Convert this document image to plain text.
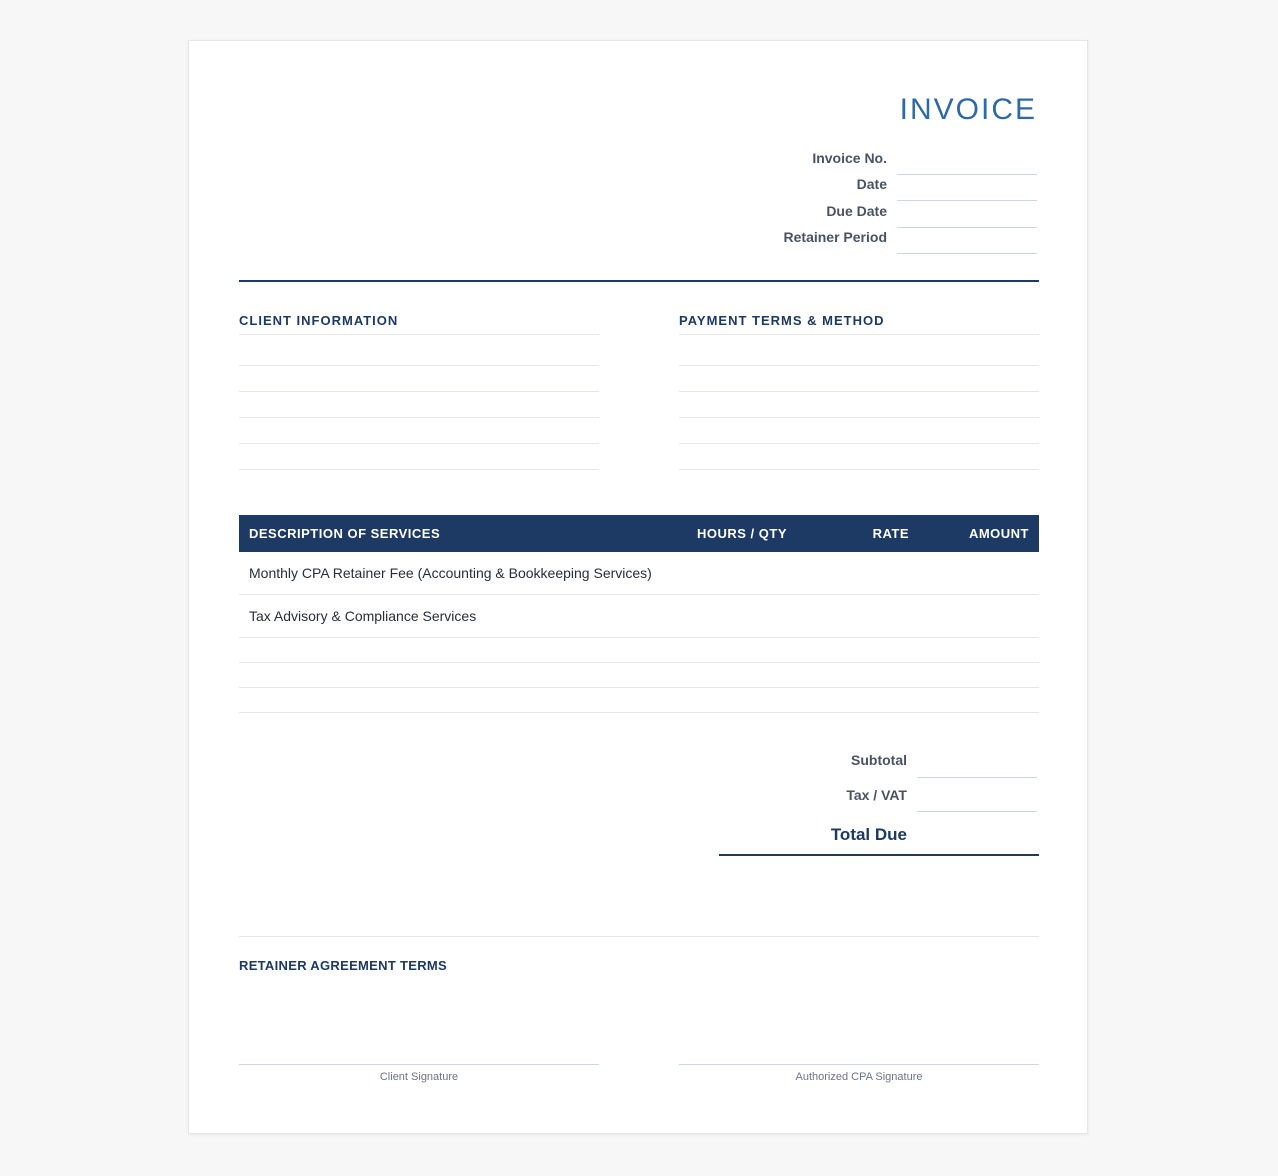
INVOICE
Invoice No.
Date
Due Date
Retainer Period
CLIENT INFORMATION	PAYMENT TERMS & METHOD
DESCRIPTION OF SERVICES	HOURS / QTY	RATE	AMOUNT
Monthly CPA Retainer Fee (Accounting & Bookkeeping Services)
Tax Advisory & Compliance Services
Subtotal
Tax / VAT
Total Due
RETAINER AGREEMENT TERMS
Client Signature	Authorized CPA Signature
